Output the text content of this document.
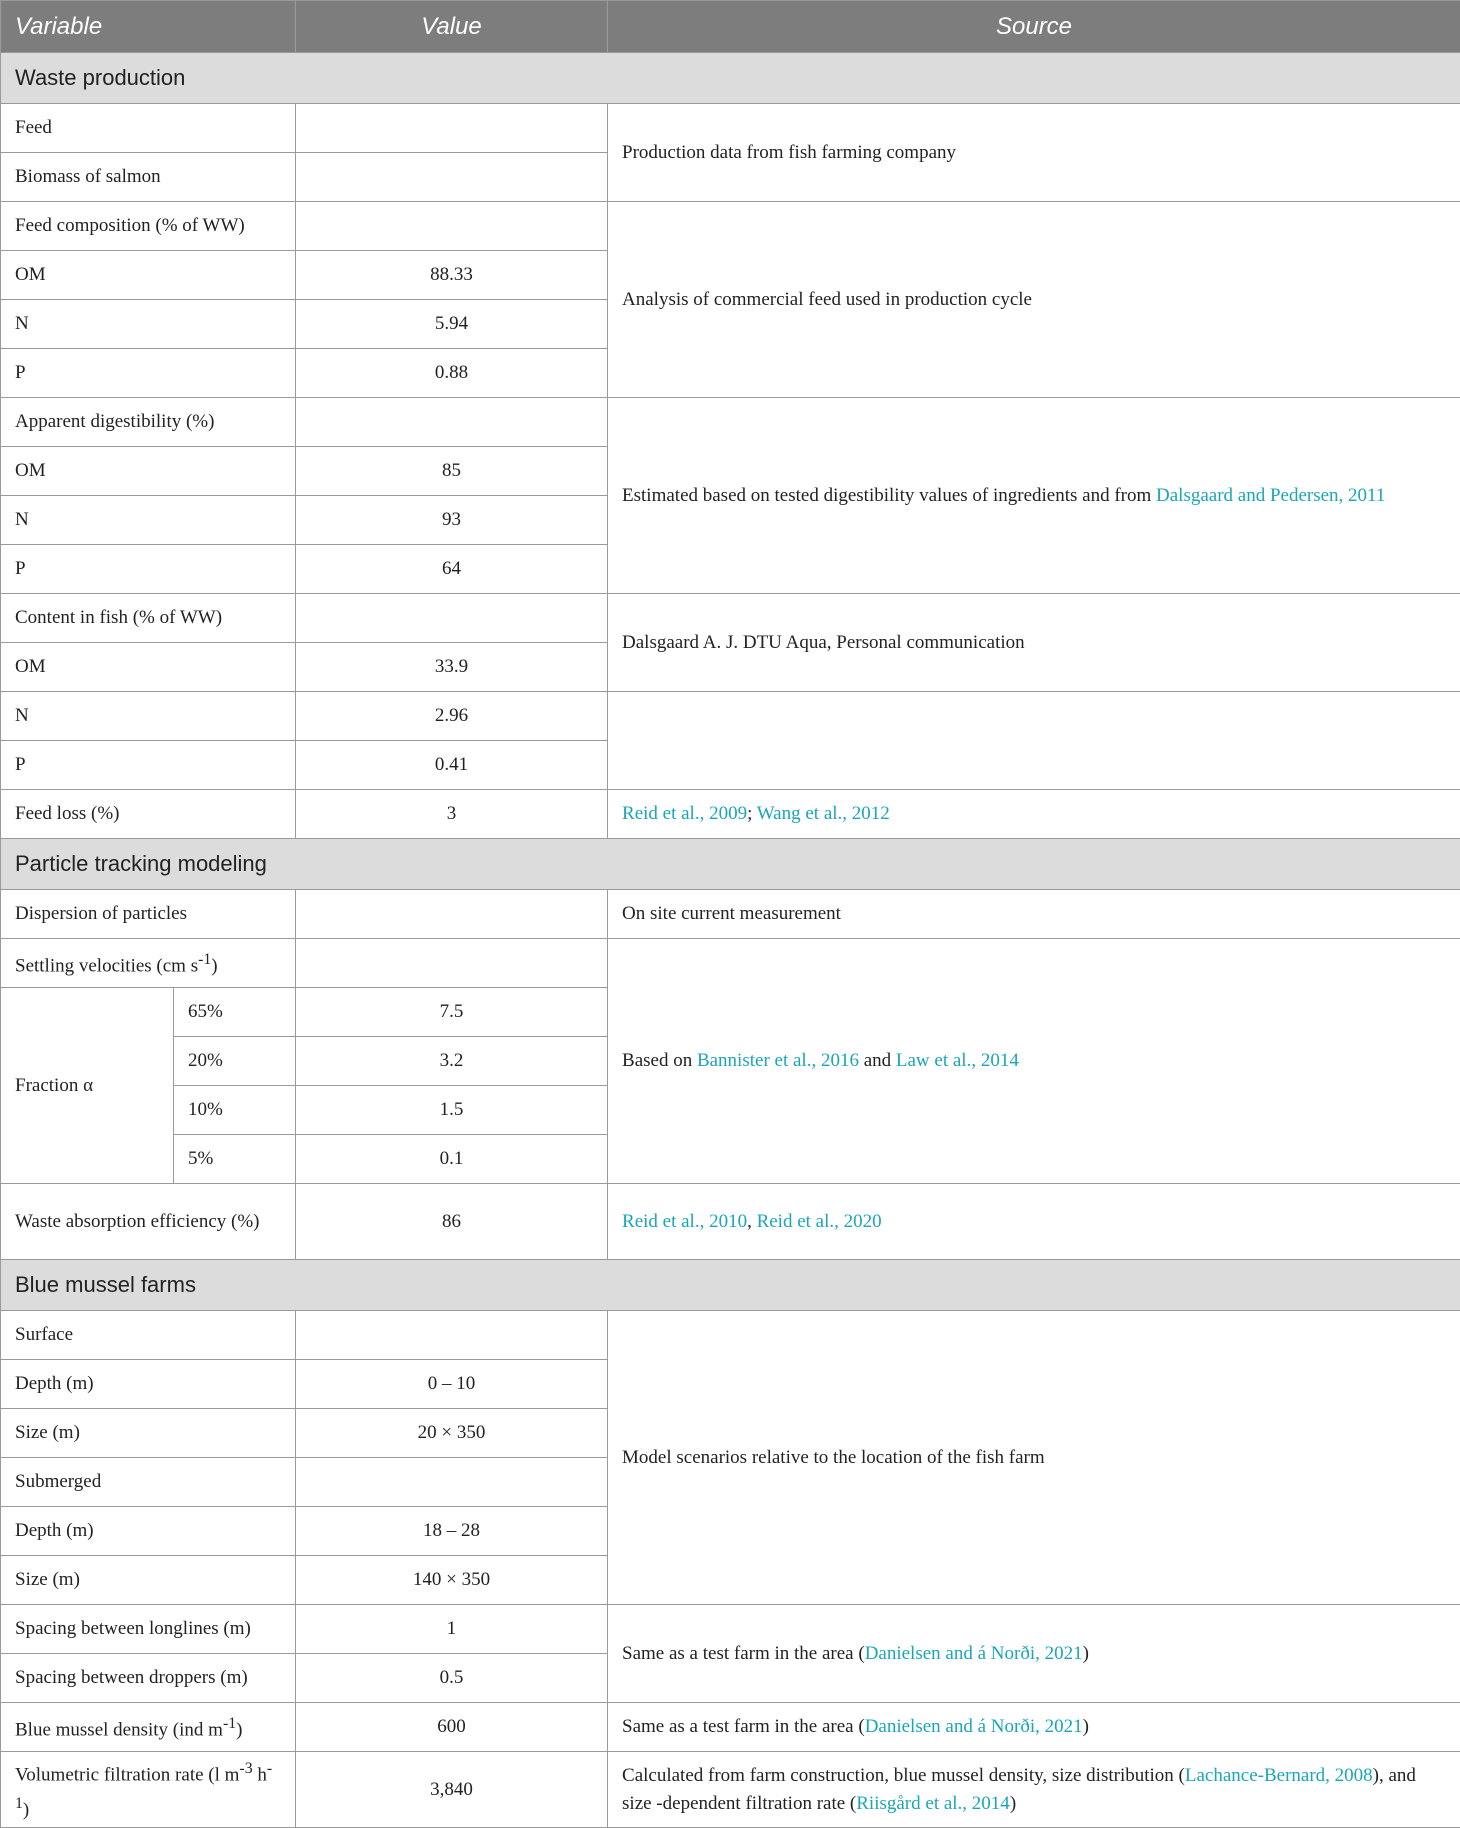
Variable		Value	Source
Waste production			
Feed			Production data from fish farming company
Biomass of salmon			
Feed composition (% of WW)			Analysis of commercial feed used in production cycle
OM		88.33	
N		5.94	
P		0.88	
Apparent digestibility (%)			Estimated based on tested digestibility values of ingredients and from Dalsgaard and Pedersen, 2011
OM		85	
N		93	
P		64	
Content in fish (% of WW)			Dalsgaard A. J. DTU Aqua, Personal communication
OM		33.9	
N		2.96	
P		0.41	
Feed loss (%)		3	Reid et al., 2009; Wang et al., 2012
Particle tracking modeling			
Dispersion of particles			On site current measurement
Settling velocities (cm $s^{-1}$)			Based on Bannister et al., 2016 and Law et al., 2014
Fraction α	65%	7.5	
	20%	3.2	
	10%	1.5	
	5%	0.1	
Waste absorption efficiency (%)		86	Reid et al., 2010, Reid et al., 2020
Blue mussel farms			
Surface			Model scenarios relative to the location of the fish farm
Depth (m)		0 – 10	
Size (m)		20 × 350	
Submerged			
Depth (m)		18 – 28	
Size (m)		140 × 350	
Spacing between longlines (m)		1	Same as a test farm in the area (Danielsen and á Norði, 2021)
Spacing between droppers (m)		0.5	
Blue mussel density (ind $m^{-1}$)		600	Same as a test farm in the area (Danielsen and á Norði, 2021)
Volumetric filtration rate (l $m^{-3}$ $h^{-1}$)		3,840	Calculated from farm construction, blue mussel density, size distribution (Lachance-Bernard, 2008), and size -dependent filtration rate (Riisgård et al., 2014)
